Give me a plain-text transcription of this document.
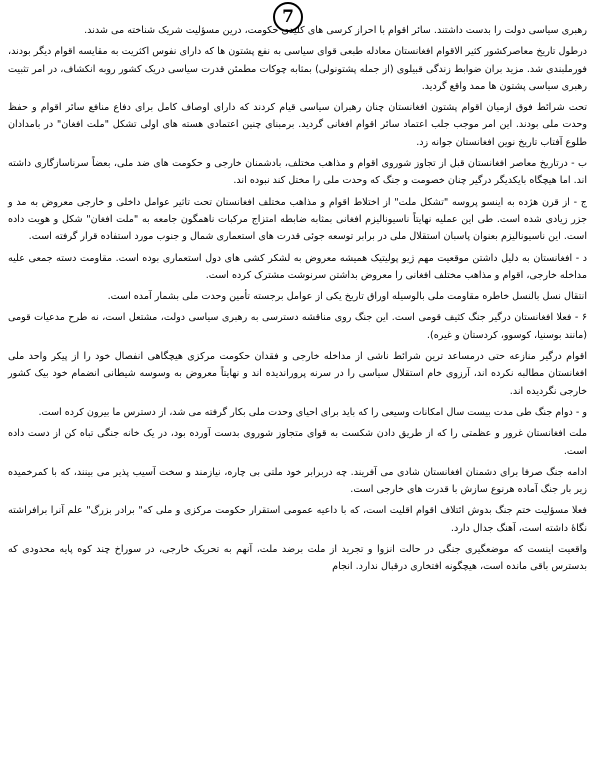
7

رهبری سیاسی دولت را بدست داشتند. سائر اقوام با احراز کرسی های کلیدی حکومت، درین مسؤلیت شریک شناخته می شدند.

درطول تاریخ معاصرکشور کثیر الاقوام افغانستان معادله طبعی قوای سیاسی به نفع پشتون ها که دارای نفوس اکثریت به مقایسه اقوام دیگر بودند، فورملبندی شد. مزید بران ضوابط زندگی قبیلوی (از جمله پشتونولی) بمثابه چوکات مطمئن قدرت سیاسی دریک کشور روبه انکشاف، در امر تثبیت رهبری سیاسی پشتون ها ممد واقع گردید.

تحت شرائط فوق ازمیان اقوام پشتون افغانستان چنان رهبران سیاسی قیام کردند که دارای اوصاف کامل برای دفاع منافع سائر اقوام و حفظ وحدت ملی بودند. این امر موجب جلب اعتماد سائر اقوام افغانی گردید. برمبنای چنین اعتمادی هسته های اولی تشکل "ملت افغان" در بامدادان طلوع آفتاب تاریخ نوین افغانستان جوانه زد.

ب - درتاریخ معاصر افغانستان قبل از تجاوز شوروی اقوام و مذاهب مختلف، بادشمنان خارجی و حکومت های ضد ملی، بعضاً سرناسازگاری داشته اند. اما هیچگاه بایکدیگر درگیر چنان خصومت و جنگ که وحدت ملی را مختل کند نبوده اند.

ج - از قرن هژده به اینسو پروسه "تشکل ملت" از اختلاط اقوام و مذاهب مختلف افغانستان تحت تاثیر عوامل داخلی و خارجی معروض به مد و جزر زیادی شده است. طی این عملیه نهایتاً ناسیونالیزم افغانی بمثابه ضابطه امتزاج مرکبات ناهمگون جامعه به "ملت افغان" شکل و هویت داده است. این ناسیونالیزم بعنوان پاسبان استقلال ملی در برابر توسعه جوئی قدرت های استعماری شمال و جنوب مورد استفاده قرار گرفته است.

د - افغانستان به دلیل داشتن موقعیت مهم ژیو پولیتیک همیشه معروض به لشکر کشی های دول استعماری بوده است. مقاومت دسته جمعی علیه مداخله خارجی، اقوام و مذاهب مختلف افغانی را معروض بداشتن سرنوشت مشترک کرده است.

انتقال نسل بالنسل خاطره مقاومت ملی بالوسیله اوراق تاریخ یکی از عوامل برجسته تأمین وحدت ملی بشمار آمده است.

۶ - فعلا افغانستان درگیر جنگ کثیف قومی است. این جنگ روی مناقشه دسترسی به رهبری سیاسی دولت، مشتعل است، نه طرح مدعیات قومی (مانند بوسنیا، کوسوو، کردستان و غیره).

اقوام درگیر منازعه حتی درمساعد ترین شرائط ناشی از مداخله خارجی و فقدان حکومت مرکزی هیچگاهی انفصال خود را از پیکر واحد ملی افغانستان مطالبه نکرده اند، آرزوی خام استقلال سیاسی را در سرنه پروراندیده اند و نهایتاً معروض به وسوسه شیطانی انضمام خود بیک کشور خارجی نگردیده اند.

و - دوام جنگ طی مدت بیست سال امکانات وسیعی را که باید برای احیای وحدت ملی بکار گرفته می شد، از دسترس ما بیرون کرده است.

ملت افغانستان غرور و عظمتی را که از طریق دادن شکست به قوای متجاوز شوروی بدست آورده بود، در یک خانه جنگی تباه کن از دست داده است.

ادامه جنگ صرفا برای دشمنان افغانستان شادی می آفریند. چه دربرابر خود ملتی بی چاره، نیازمند و سخت آسیب پذیر می بینند، که با کمرخمیده زیر بار جنگ آماده هرنوع سازش با قدرت های خارجی است.

فعلا مسؤلیت ختم جنگ بدوش ائتلاف اقوام اقلیت است، که با داعیه عمومی استقرار حکومت مرکزی و ملی که" برادر بزرگ" علم آنرا برافراشته نگاهٔ داشته است، آهنگ جدال دارد.

واقعیت اینست که موضعگیری جنگی در حالت انزوا و تجرید از ملت برضد ملت، آنهم به تحریک خارجی، در سوراخ چند کوه پایه محدودی که بدسترس باقی مانده است، هیچگونه افتخاری درقبال ندارد. انجام
